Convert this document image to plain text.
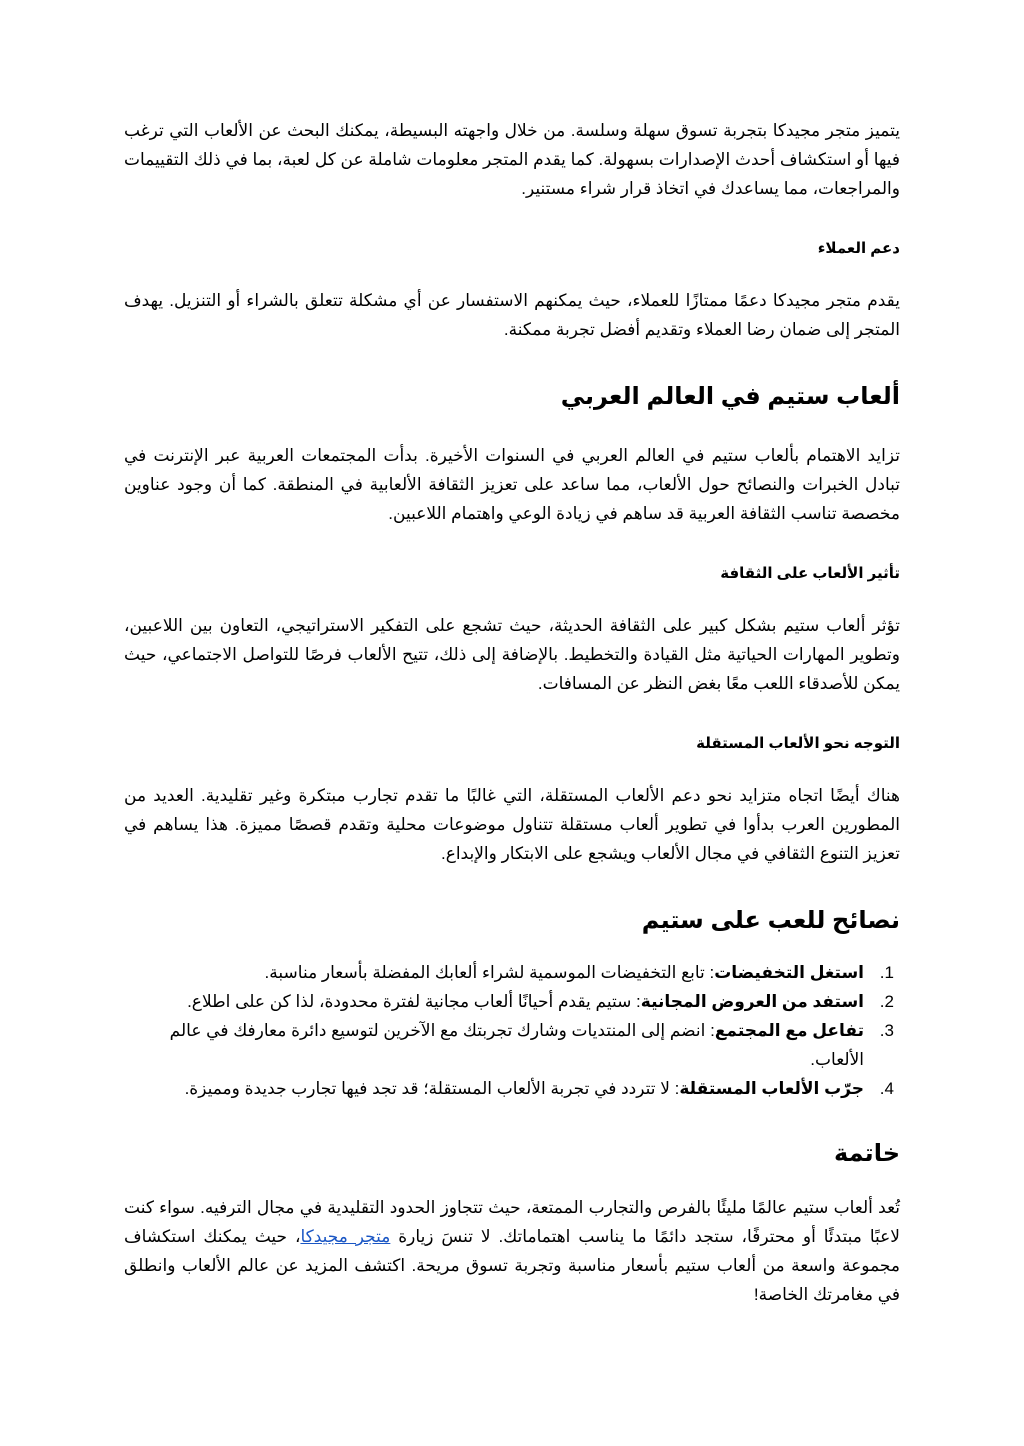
يتميز متجر مجيدكا بتجربة تسوق سهلة وسلسة. من خلال واجهته البسيطة، يمكنك البحث عن الألعاب التي ترغب فيها أو استكشاف أحدث الإصدارات بسهولة. كما يقدم المتجر معلومات شاملة عن كل لعبة، بما في ذلك التقييمات والمراجعات، مما يساعدك في اتخاذ قرار شراء مستنير.

دعم العملاء

يقدم متجر مجيدكا دعمًا ممتازًا للعملاء، حيث يمكنهم الاستفسار عن أي مشكلة تتعلق بالشراء أو التنزيل. يهدف المتجر إلى ضمان رضا العملاء وتقديم أفضل تجربة ممكنة.

ألعاب ستيم في العالم العربي

تزايد الاهتمام بألعاب ستيم في العالم العربي في السنوات الأخيرة. بدأت المجتمعات العربية عبر الإنترنت في تبادل الخبرات والنصائح حول الألعاب، مما ساعد على تعزيز الثقافة الألعابية في المنطقة. كما أن وجود عناوين مخصصة تناسب الثقافة العربية قد ساهم في زيادة الوعي واهتمام اللاعبين.

تأثير الألعاب على الثقافة

تؤثر ألعاب ستيم بشكل كبير على الثقافة الحديثة، حيث تشجع على التفكير الاستراتيجي، التعاون بين اللاعبين، وتطوير المهارات الحياتية مثل القيادة والتخطيط. بالإضافة إلى ذلك، تتيح الألعاب فرصًا للتواصل الاجتماعي، حيث يمكن للأصدقاء اللعب معًا بغض النظر عن المسافات.

التوجه نحو الألعاب المستقلة

هناك أيضًا اتجاه متزايد نحو دعم الألعاب المستقلة، التي غالبًا ما تقدم تجارب مبتكرة وغير تقليدية. العديد من المطورين العرب بدأوا في تطوير ألعاب مستقلة تتناول موضوعات محلية وتقدم قصصًا مميزة. هذا يساهم في تعزيز التنوع الثقافي في مجال الألعاب ويشجع على الابتكار والإبداع.

نصائح للعب على ستيم
1.
استغل التخفيضات: تابع التخفيضات الموسمية لشراء ألعابك المفضلة بأسعار مناسبة.
2.
استفد من العروض المجانية: ستيم يقدم أحيانًا ألعاب مجانية لفترة محدودة، لذا كن على اطلاع.
3.
تفاعل مع المجتمع: انضم إلى المنتديات وشارك تجربتك مع الآخرين لتوسيع دائرة معارفك في عالم الألعاب.
4.
جرّب الألعاب المستقلة: لا تتردد في تجربة الألعاب المستقلة؛ قد تجد فيها تجارب جديدة ومميزة.
خاتمة

تُعد ألعاب ستيم عالمًا مليئًا بالفرص والتجارب الممتعة، حيث تتجاوز الحدود التقليدية في مجال الترفيه. سواء كنت لاعبًا مبتدئًا أو محترفًا، ستجد دائمًا ما يناسب اهتماماتك. لا تنسَ زيارة متجر مجيدكا، حيث يمكنك استكشاف مجموعة واسعة من ألعاب ستيم بأسعار مناسبة وتجربة تسوق مريحة. اكتشف المزيد عن عالم الألعاب وانطلق في مغامرتك الخاصة!
